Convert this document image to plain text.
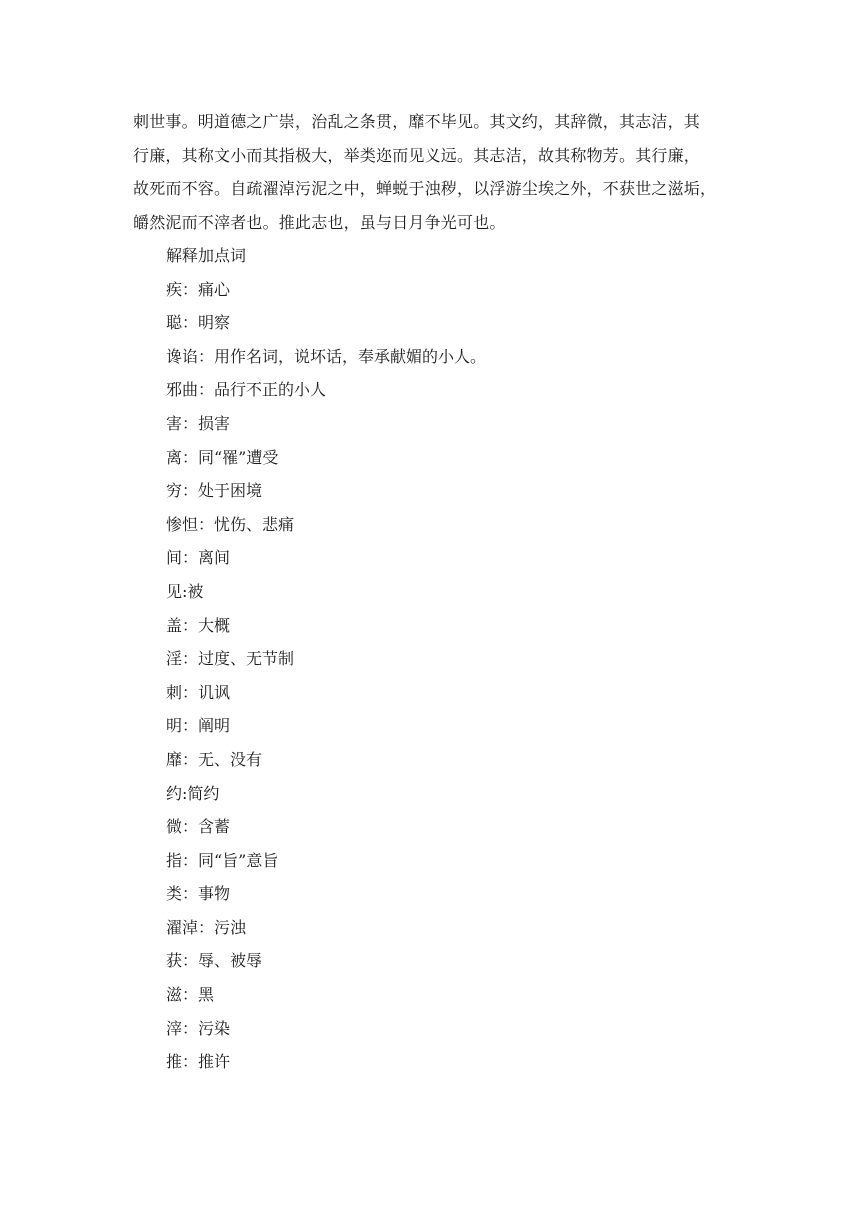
刺世事。明道德之广崇，治乱之条贯，靡不毕见。其文约，其辞微，其志洁，其
行廉，其称文小而其指极大，举类迩而见义远。其志洁，故其称物芳。其行廉，
故死而不容。自疏濯淖污泥之中，蝉蜕于浊秽，以浮游尘埃之外，不获世之滋垢，
皭然泥而不滓者也。推此志也，虽与日月争光可也。

解释加点词

疾：痛心
聪：明察
谗谄：用作名词，说坏话，奉承献媚的小人。
邪曲：品行不正的小人
害：损害
离：同“罹”遭受
穷：处于困境
惨怛：忧伤、悲痛
间：离间
见:被
盖：大概
淫：过度、无节制
刺：讥讽
明：阐明
靡：无、没有
约:简约
微：含蓄
指：同“旨”意旨
类：事物
濯淖：污浊
获：辱、被辱
滋：黑
滓：污染
推：推许
